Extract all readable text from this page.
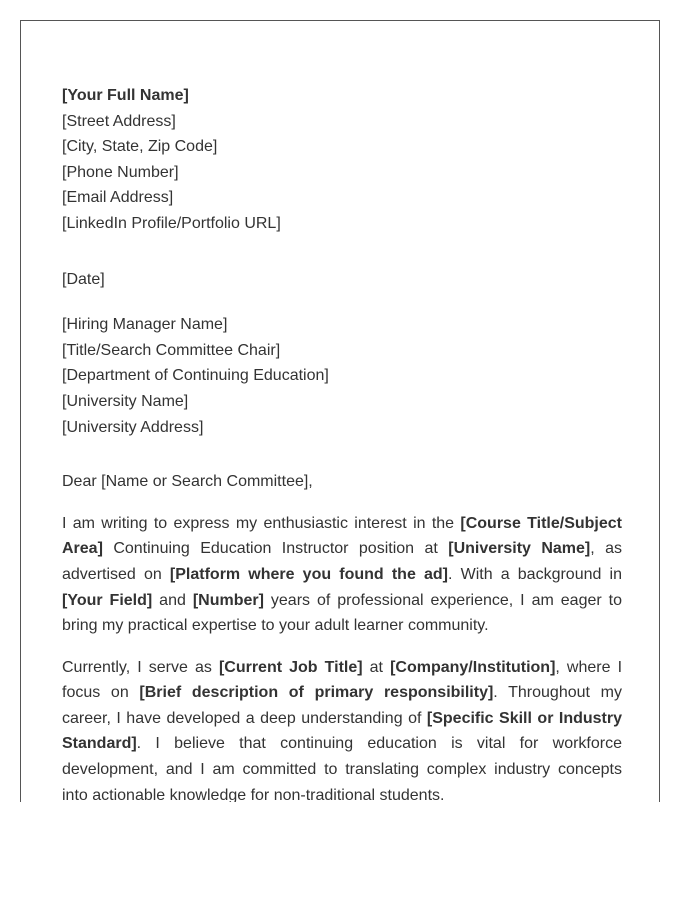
[Your Full Name]
[Street Address]
[City, State, Zip Code]
[Phone Number]
[Email Address]
[LinkedIn Profile/Portfolio URL]
[Date]
[Hiring Manager Name]
[Title/Search Committee Chair]
[Department of Continuing Education]
[University Name]
[University Address]
Dear [Name or Search Committee],

I am writing to express my enthusiastic interest in the [Course Title/Subject Area] Continuing Education Instructor position at [University Name], as advertised on [Platform where you found the ad]. With a background in [Your Field] and [Number] years of professional experience, I am eager to bring my practical expertise to your adult learner community.

Currently, I serve as [Current Job Title] at [Company/Institution], where I focus on [Brief description of primary responsibility]. Throughout my career, I have developed a deep understanding of [Specific Skill or Industry Standard]. I believe that continuing education is vital for workforce development, and I am committed to translating complex industry concepts into actionable knowledge for non-traditional students.
